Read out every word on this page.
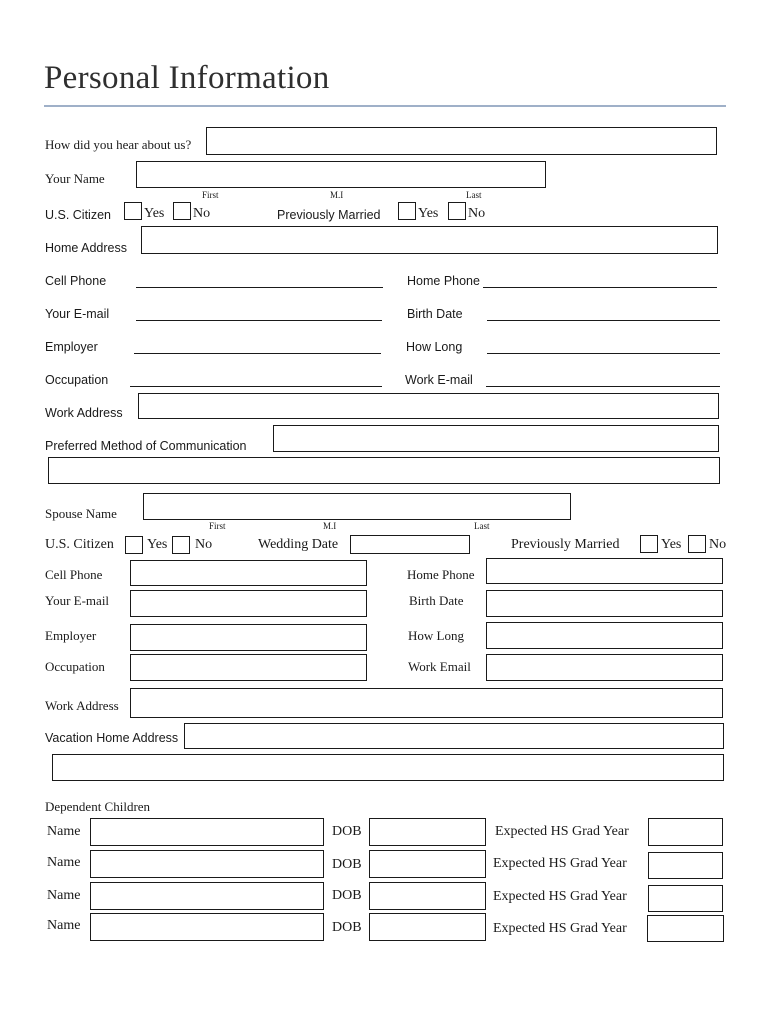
Personal Information
How did you hear about us?
Your Name
First	M.I	Last
U.S. Citizen Yes No	Previously Married	Yes No
Home Address
Cell Phone	Home Phone
Your E-mail	Birth Date
Employer	How Long
Occupation	Work E-mail
Work Address
Preferred Method of Communication
Spouse Name
First	M.I	Last
U.S. Citizen Yes No	Wedding Date	Previously Married	Yes No
Cell Phone	Home Phone
Your E-mail	Birth Date
Employer	How Long
Occupation	Work Email
Work Address
Vacation Home Address
Dependent Children
Name	DOB	Expected HS Grad Year
Name	DOB	Expected HS Grad Year
Name	DOB	Expected HS Grad Year
Name	DOB	Expected HS Grad Year
